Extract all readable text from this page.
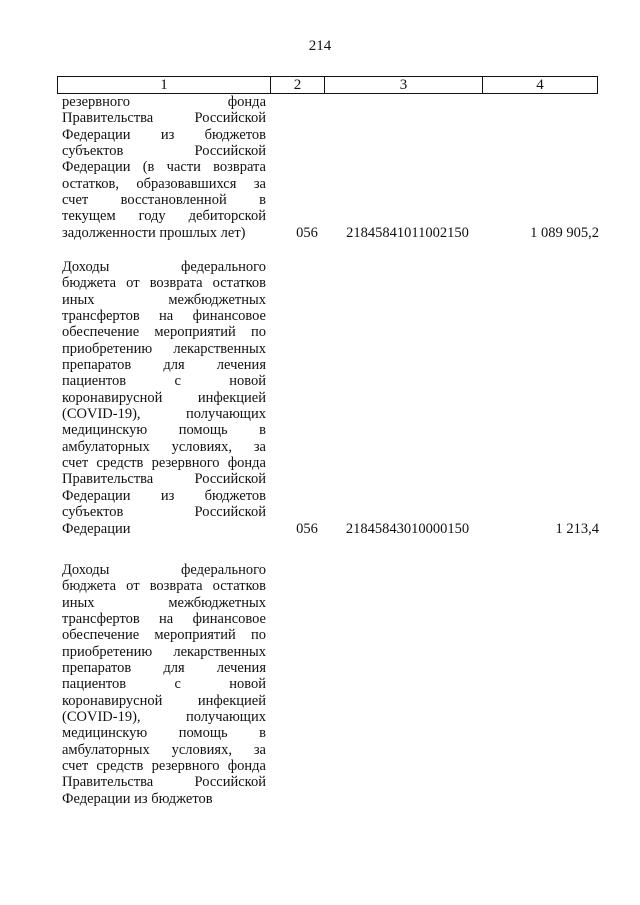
214
1	2	3	4
резервного фонда
Правительства Российской
Федерации из бюджетов
субъектов Российской
Федерации (в части возврата
остатков, образовавшихся за
счет восстановленной в
текущем году дебиторской
задолженности прошлых лет)	056	21845841011002150	1 089 905,2
Доходы федерального
бюджета от возврата остатков
иных межбюджетных
трансфертов на финансовое
обеспечение мероприятий по
приобретению лекарственных
препаратов для лечения
пациентов с новой
коронавирусной инфекцией
(COVID-19), получающих
медицинскую помощь в
амбулаторных условиях, за
счет средств резервного фонда
Правительства Российской
Федерации из бюджетов
субъектов Российской
Федерации	056	21845843010000150	1 213,4
Доходы федерального
бюджета от возврата остатков
иных межбюджетных
трансфертов на финансовое
обеспечение мероприятий по
приобретению лекарственных
препаратов для лечения
пациентов с новой
коронавирусной инфекцией
(COVID-19), получающих
медицинскую помощь в
амбулаторных условиях, за
счет средств резервного фонда
Правительства Российской
Федерации из бюджетов
